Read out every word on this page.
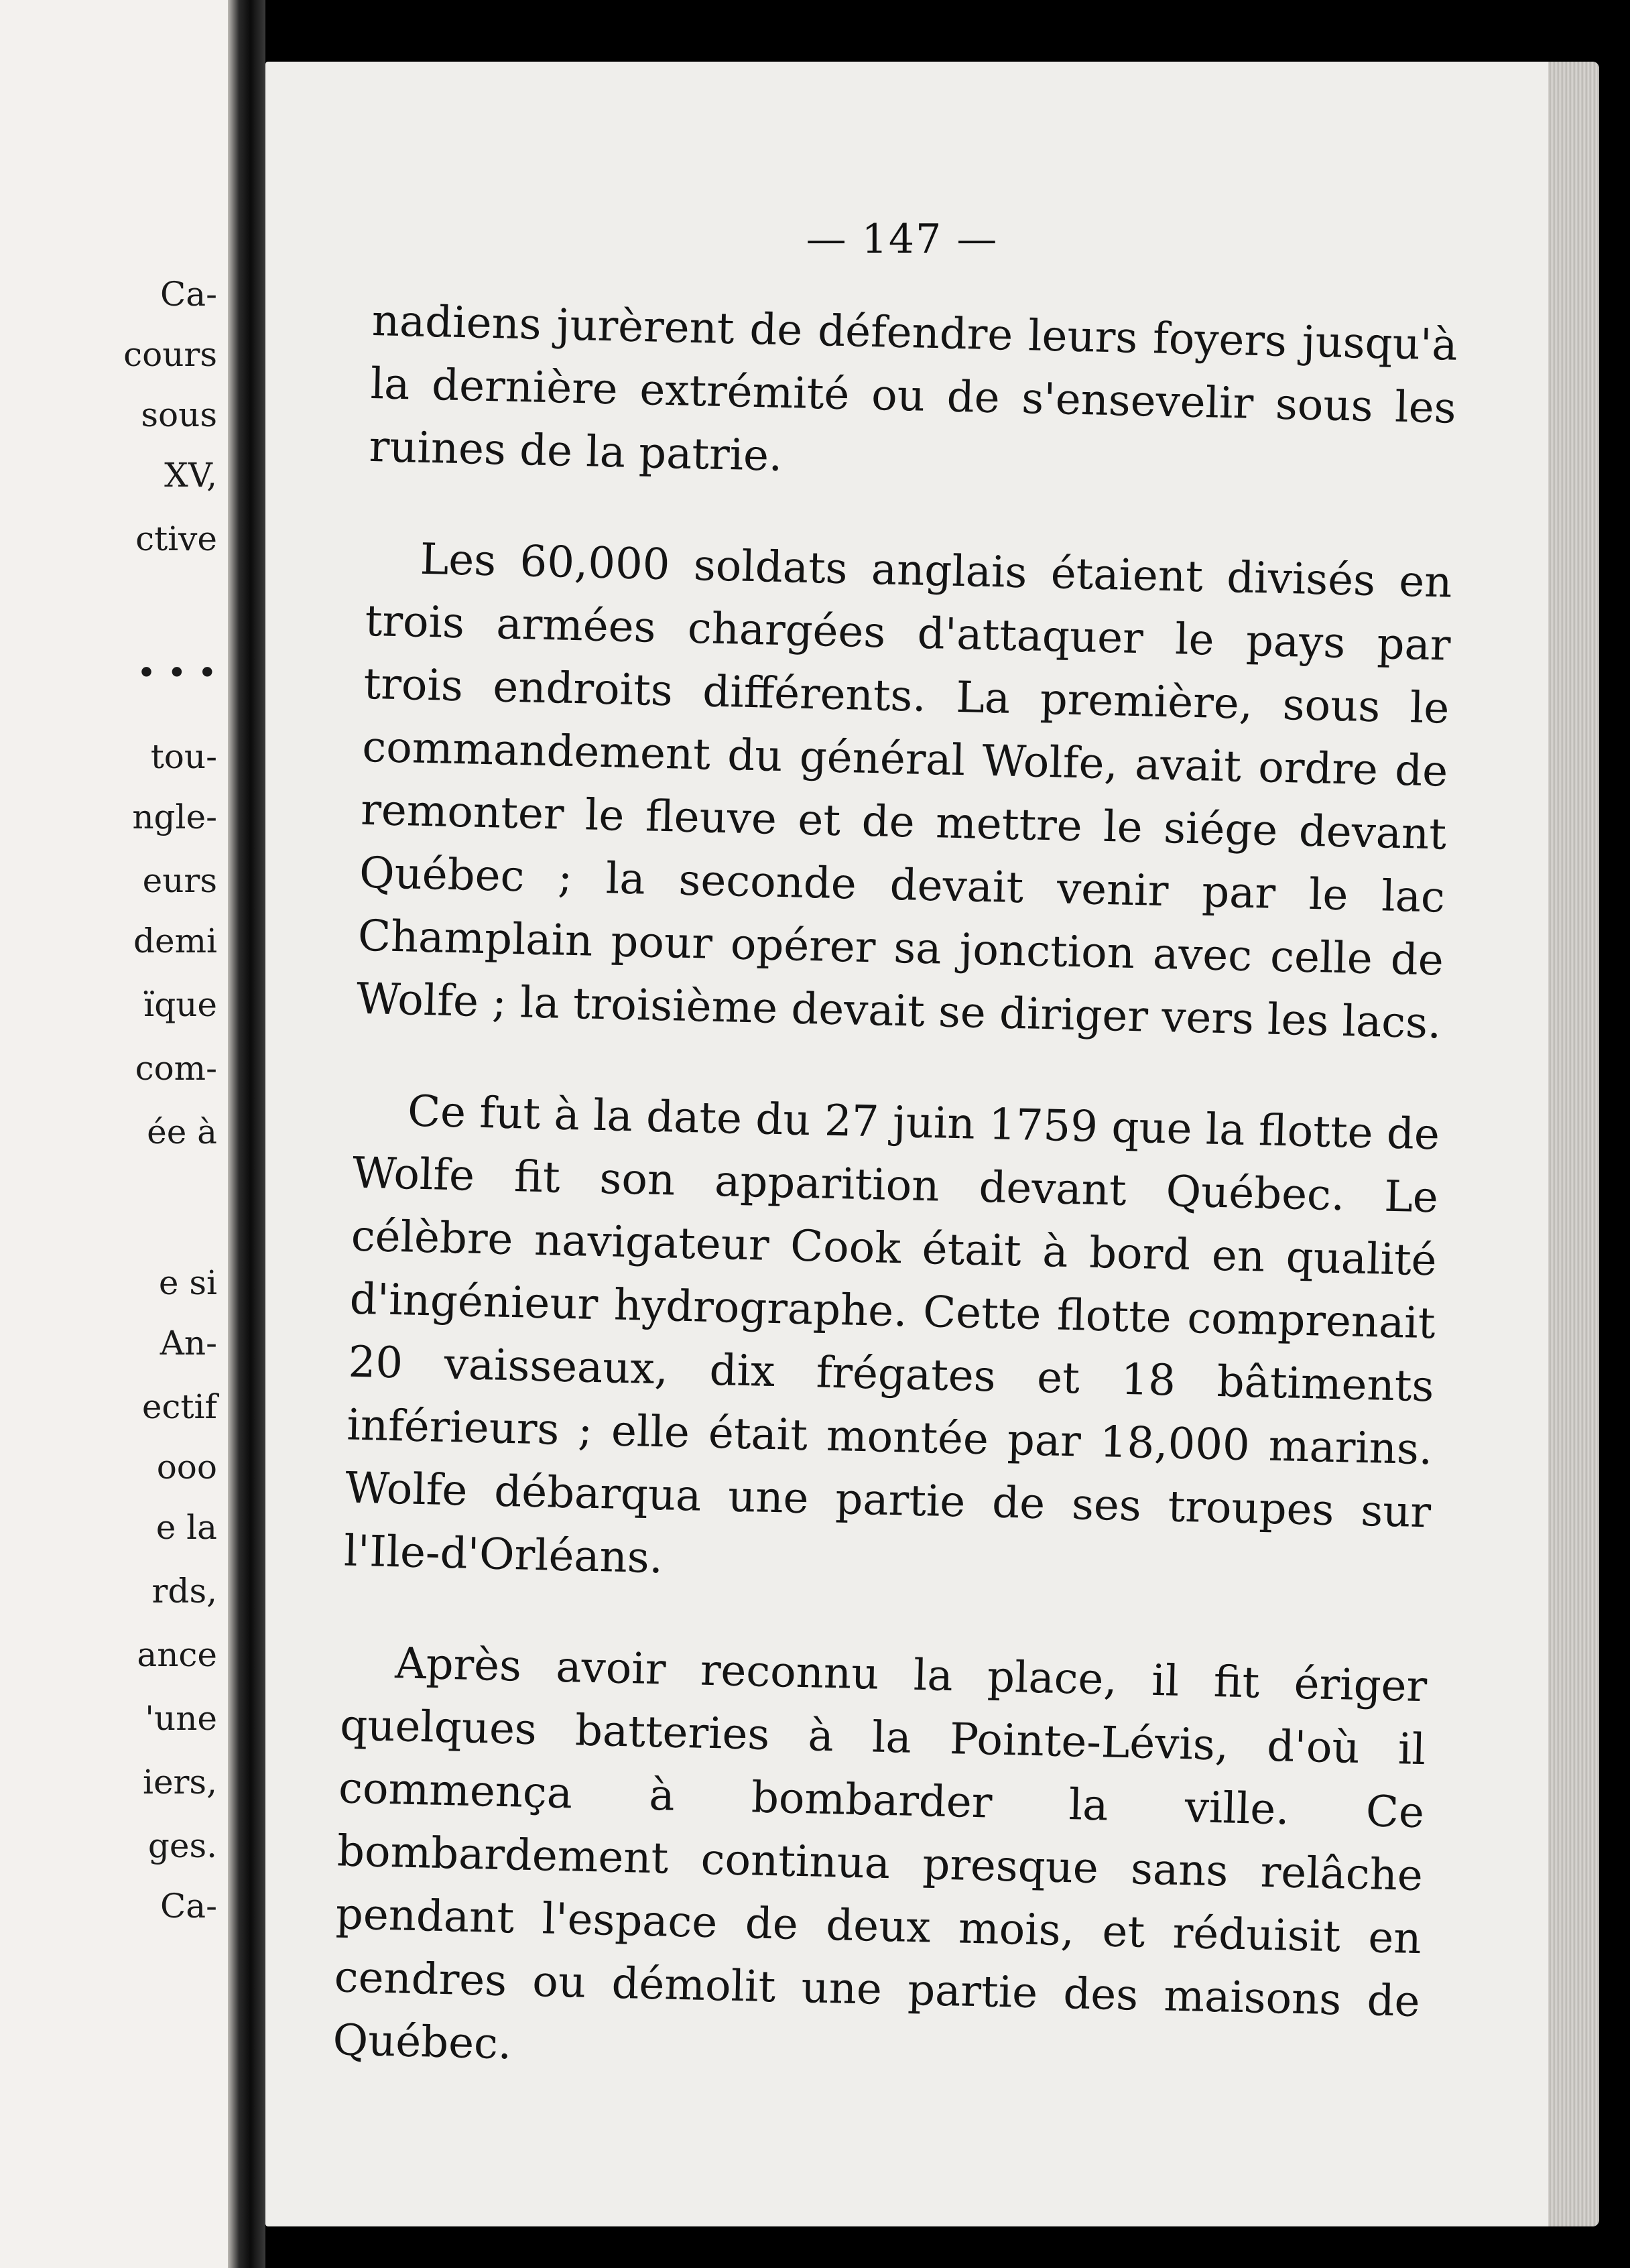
Ca-
cours
sous
XV,
ctive
• • •
tou-
ngle-
eurs
demi
ïque
com-
ée à
e si
An-
ectif
ooo
e la
rds,
ance
'une
iers,
ges.
Ca-
— 147 —

nadiens jurèrent de défendre leurs foyers jusqu'à la dernière extrémité ou de s'ensevelir sous les ruines de la patrie.

Les 60,000 soldats anglais étaient divisés en trois armées chargées d'attaquer le pays par trois endroits différents. La première, sous le commandement du général Wolfe, avait ordre de remonter le fleuve et de mettre le siége devant Québec ; la seconde devait venir par le lac Champlain pour opérer sa jonction avec celle de Wolfe ; la troisième devait se diriger vers les lacs.

Ce fut à la date du 27 juin 1759 que la flotte de Wolfe fit son apparition devant Québec. Le célèbre navigateur Cook était à bord en qualité d'ingénieur hydrographe. Cette flotte comprenait 20 vaisseaux, dix frégates et 18 bâtiments inférieurs ; elle était montée par 18,000 marins. Wolfe débarqua une partie de ses troupes sur l'Ile-d'Orléans.

Après avoir reconnu la place, il fit ériger quelques batteries à la Pointe-Lévis, d'où il commença à bombarder la ville. Ce bombardement continua presque sans relâche pendant l'espace de deux mois, et réduisit en cendres ou démolit une partie des maisons de Québec.
